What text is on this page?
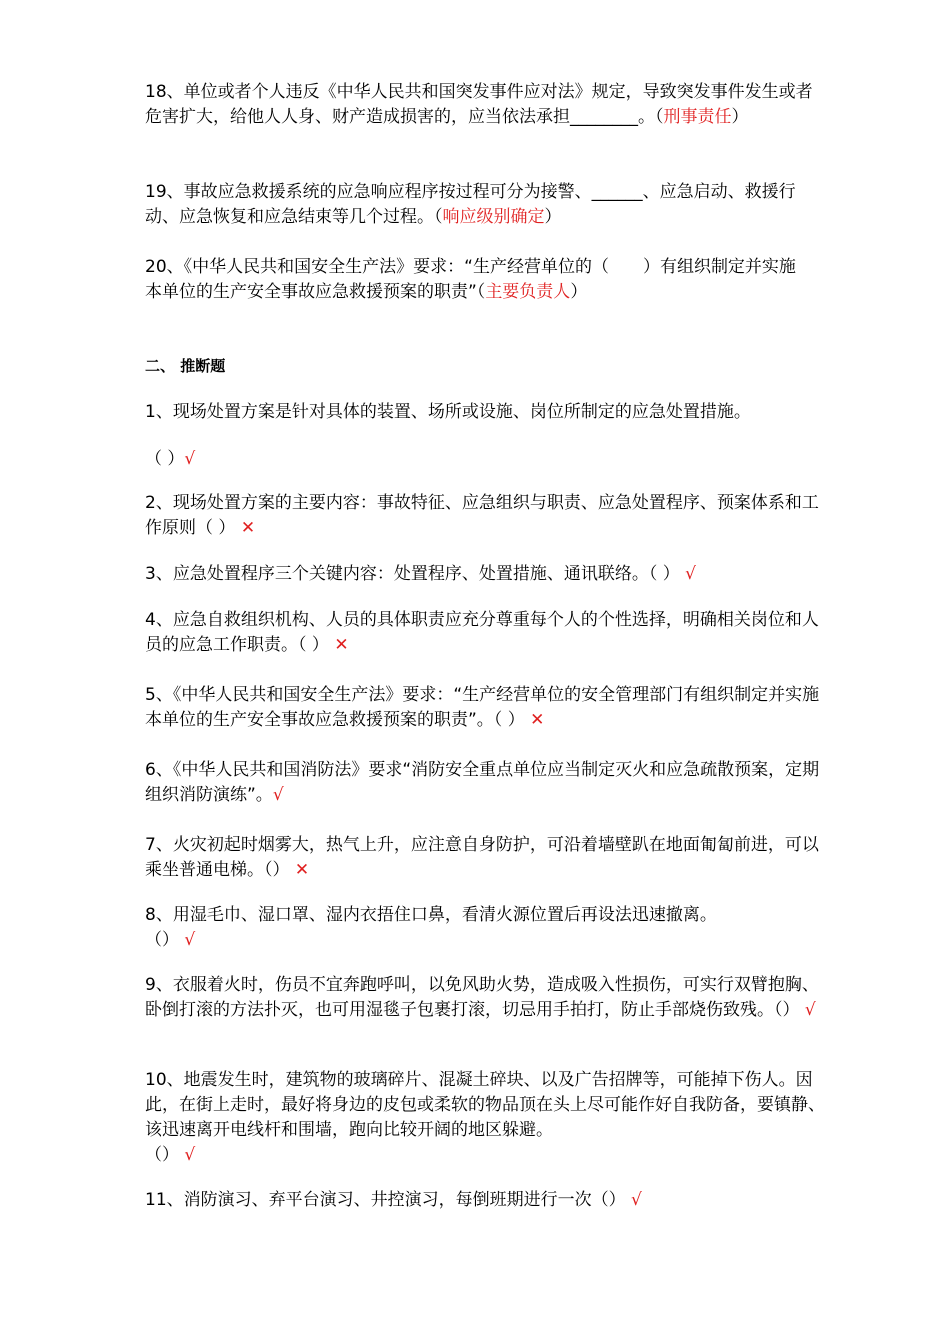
18、单位或者个人违反《中华人民共和国突发事件应对法》规定，导致突发事件发生或者危害扩大，给他人人身、财产造成损害的，应当依法承担________。（刑事责任）

19、事故应急救援系统的应急响应程序按过程可分为接警、______、应急启动、救援行动、应急恢复和应急结束等几个过程。（响应级别确定）

20、《中华人民共和国安全生产法》要求：“生产经营单位的（　　）有组织制定并实施本单位的生产安全事故应急救援预案的职责”（主要负责人）

二、 推断题

1、现场处置方案是针对具体的装置、场所或设施、岗位所制定的应急处置措施。
（ ）√

2、现场处置方案的主要内容：事故特征、应急组织与职责、应急处置程序、预案体系和工作原则（ ） ✕

3、应急处置程序三个关键内容：处置程序、处置措施、通讯联络。（ ） √

4、应急自救组织机构、人员的具体职责应充分尊重每个人的个性选择，明确相关岗位和人员的应急工作职责。（ ） ✕

5、《中华人民共和国安全生产法》要求：“生产经营单位的安全管理部门有组织制定并实施本单位的生产安全事故应急救援预案的职责”。（ ） ✕

6、《中华人民共和国消防法》要求“消防安全重点单位应当制定灭火和应急疏散预案，定期组织消防演练”。√

7、火灾初起时烟雾大，热气上升，应注意自身防护，可沿着墙壁趴在地面匍匐前进，可以乘坐普通电梯。（） ✕

8、用湿毛巾、湿口罩、湿内衣捂住口鼻，看清火源位置后再设法迅速撤离。
（） √

9、衣服着火时，伤员不宜奔跑呼叫，以免风助火势，造成吸入性损伤，可实行双臂抱胸、卧倒打滚的方法扑灭，也可用湿毯子包裹打滚，切忌用手拍打，防止手部烧伤致残。（） √

10、地震发生时，建筑物的玻璃碎片、混凝土碎块、以及广告招牌等，可能掉下伤人。因此，在街上走时，最好将身边的皮包或柔软的物品顶在头上尽可能作好自我防备，要镇静、该迅速离开电线杆和围墙，跑向比较开阔的地区躲避。
（） √

11、消防演习、弃平台演习、井控演习，每倒班期进行一次（） √
